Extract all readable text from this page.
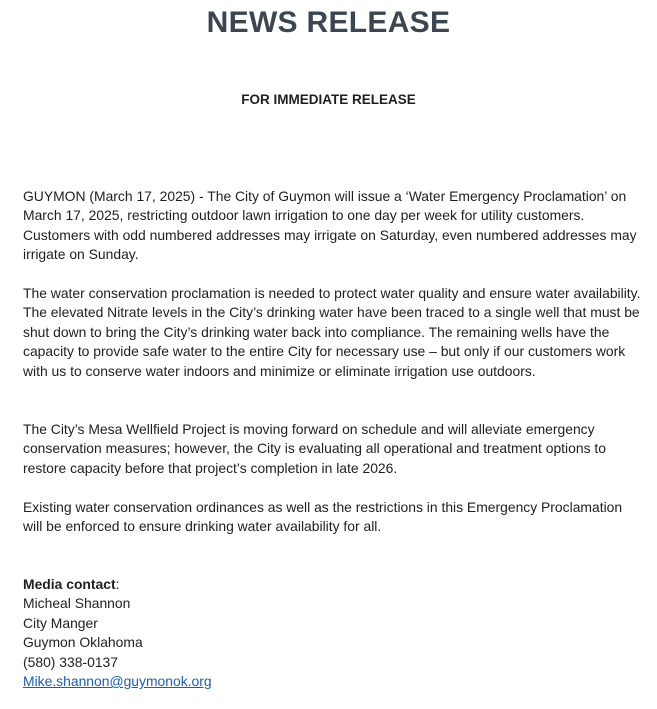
NEWS RELEASE
FOR IMMEDIATE RELEASE
GUYMON (March 17, 2025) - The City of Guymon will issue a ‘Water Emergency Proclamation’ on March 17, 2025, restricting outdoor lawn irrigation to one day per week for utility customers. Customers with odd numbered addresses may irrigate on Saturday, even numbered addresses may irrigate on Sunday.
The water conservation proclamation is needed to protect water quality and ensure water availability. The elevated Nitrate levels in the City’s drinking water have been traced to a single well that must be shut down to bring the City’s drinking water back into compliance. The remaining wells have the capacity to provide safe water to the entire City for necessary use – but only if our customers work with us to conserve water indoors and minimize or eliminate irrigation use outdoors.
The City’s Mesa Wellfield Project is moving forward on schedule and will alleviate emergency conservation measures; however, the City is evaluating all operational and treatment options to restore capacity before that project’s completion in late 2026.
Existing water conservation ordinances as well as the restrictions in this Emergency Proclamation will be enforced to ensure drinking water availability for all.
Media contact:
Micheal Shannon
City Manger
Guymon Oklahoma
(580) 338-0137
Mike.shannon@guymonok.org
